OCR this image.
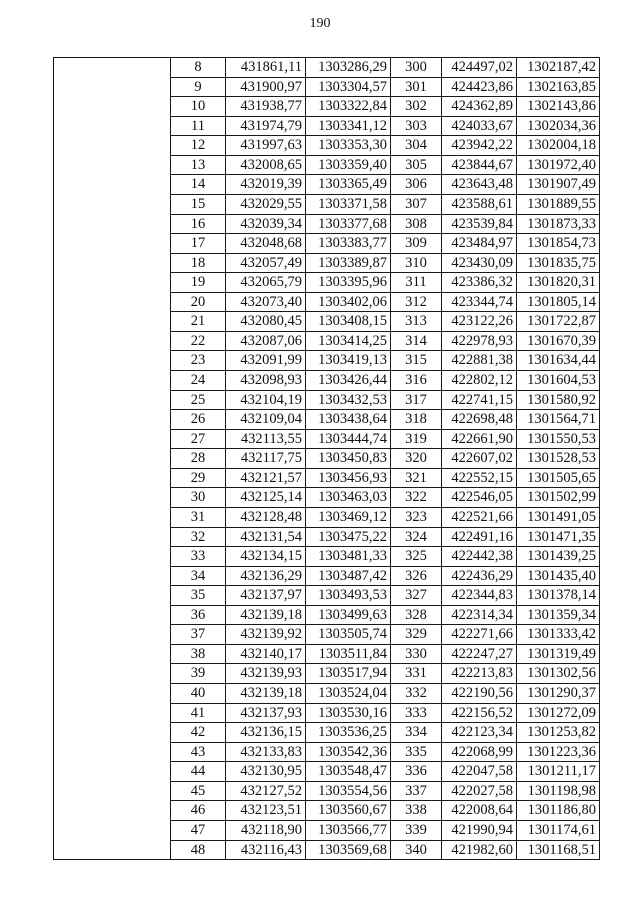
190
	8	431861,11	1303286,29	300	424497,02	1302187,42
	9	431900,97	1303304,57	301	424423,86	1302163,85
	10	431938,77	1303322,84	302	424362,89	1302143,86
	11	431974,79	1303341,12	303	424033,67	1302034,36
	12	431997,63	1303353,30	304	423942,22	1302004,18
	13	432008,65	1303359,40	305	423844,67	1301972,40
	14	432019,39	1303365,49	306	423643,48	1301907,49
	15	432029,55	1303371,58	307	423588,61	1301889,55
	16	432039,34	1303377,68	308	423539,84	1301873,33
	17	432048,68	1303383,77	309	423484,97	1301854,73
	18	432057,49	1303389,87	310	423430,09	1301835,75
	19	432065,79	1303395,96	311	423386,32	1301820,31
	20	432073,40	1303402,06	312	423344,74	1301805,14
	21	432080,45	1303408,15	313	423122,26	1301722,87
	22	432087,06	1303414,25	314	422978,93	1301670,39
	23	432091,99	1303419,13	315	422881,38	1301634,44
	24	432098,93	1303426,44	316	422802,12	1301604,53
	25	432104,19	1303432,53	317	422741,15	1301580,92
	26	432109,04	1303438,64	318	422698,48	1301564,71
	27	432113,55	1303444,74	319	422661,90	1301550,53
	28	432117,75	1303450,83	320	422607,02	1301528,53
	29	432121,57	1303456,93	321	422552,15	1301505,65
	30	432125,14	1303463,03	322	422546,05	1301502,99
	31	432128,48	1303469,12	323	422521,66	1301491,05
	32	432131,54	1303475,22	324	422491,16	1301471,35
	33	432134,15	1303481,33	325	422442,38	1301439,25
	34	432136,29	1303487,42	326	422436,29	1301435,40
	35	432137,97	1303493,53	327	422344,83	1301378,14
	36	432139,18	1303499,63	328	422314,34	1301359,34
	37	432139,92	1303505,74	329	422271,66	1301333,42
	38	432140,17	1303511,84	330	422247,27	1301319,49
	39	432139,93	1303517,94	331	422213,83	1301302,56
	40	432139,18	1303524,04	332	422190,56	1301290,37
	41	432137,93	1303530,16	333	422156,52	1301272,09
	42	432136,15	1303536,25	334	422123,34	1301253,82
	43	432133,83	1303542,36	335	422068,99	1301223,36
	44	432130,95	1303548,47	336	422047,58	1301211,17
	45	432127,52	1303554,56	337	422027,58	1301198,98
	46	432123,51	1303560,67	338	422008,64	1301186,80
	47	432118,90	1303566,77	339	421990,94	1301174,61
	48	432116,43	1303569,68	340	421982,60	1301168,51
